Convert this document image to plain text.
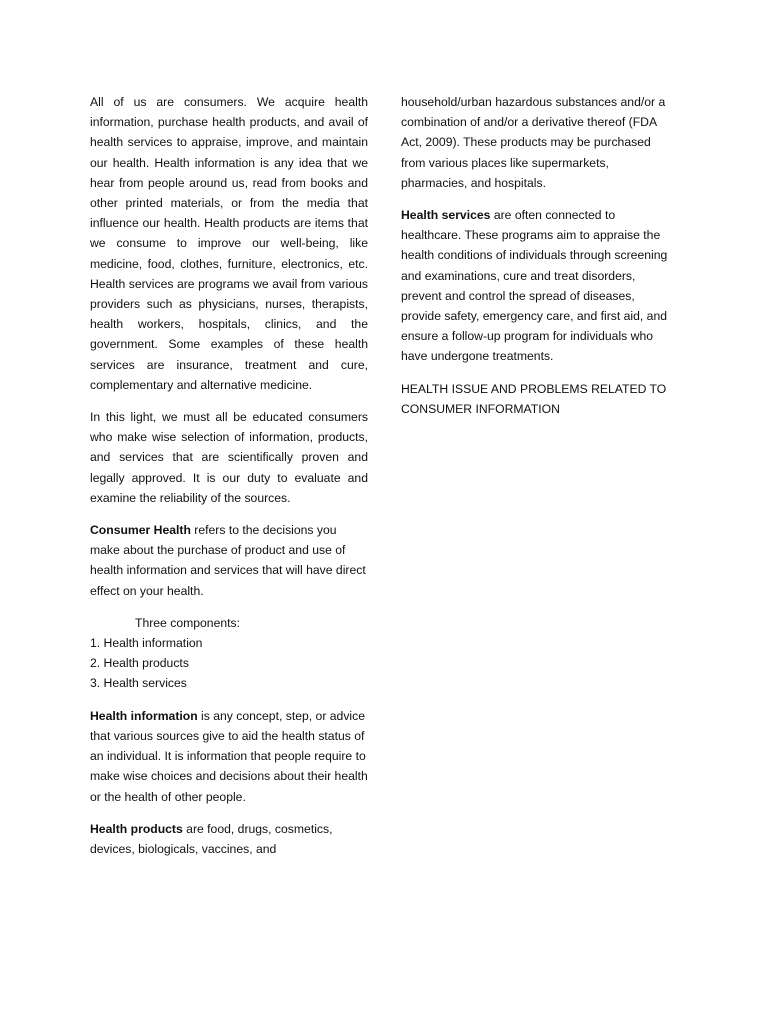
All of us are consumers. We acquire health information, purchase health products, and avail of health services to appraise, improve, and maintain our health. Health information is any idea that we hear from people around us, read from books and other printed materials, or from the media that influence our health. Health products are items that we consume to improve our well-being, like medicine, food, clothes, furniture, electronics, etc. Health services are programs we avail from various providers such as physicians, nurses, therapists, health workers, hospitals, clinics, and the government. Some examples of these health services are insurance, treatment and cure, complementary and alternative medicine.

In this light, we must all be educated consumers who make wise selection of information, products, and services that are scientifically proven and legally approved. It is our duty to evaluate and examine the reliability of the sources.

Consumer Health refers to the decisions you make about the purchase of product and use of health information and services that will have direct effect on your health.

Three components:

1. Health information
2. Health products
3. Health services

Health information is any concept, step, or advice that various sources give to aid the health status of an individual. It is information that people require to make wise choices and decisions about their health or the health of other people.

Health products are food, drugs, cosmetics, devices, biologicals, vaccines, and

household/urban hazardous substances and/or a combination of and/or a derivative thereof (FDA Act, 2009). These products may be purchased from various places like supermarkets, pharmacies, and hospitals.

Health services are often connected to healthcare. These programs aim to appraise the health conditions of individuals through screening and examinations, cure and treat disorders, prevent and control the spread of diseases, provide safety, emergency care, and first aid, and ensure a follow-up program for individuals who have undergone treatments.

HEALTH ISSUE AND PROBLEMS RELATED TO CONSUMER INFORMATION
